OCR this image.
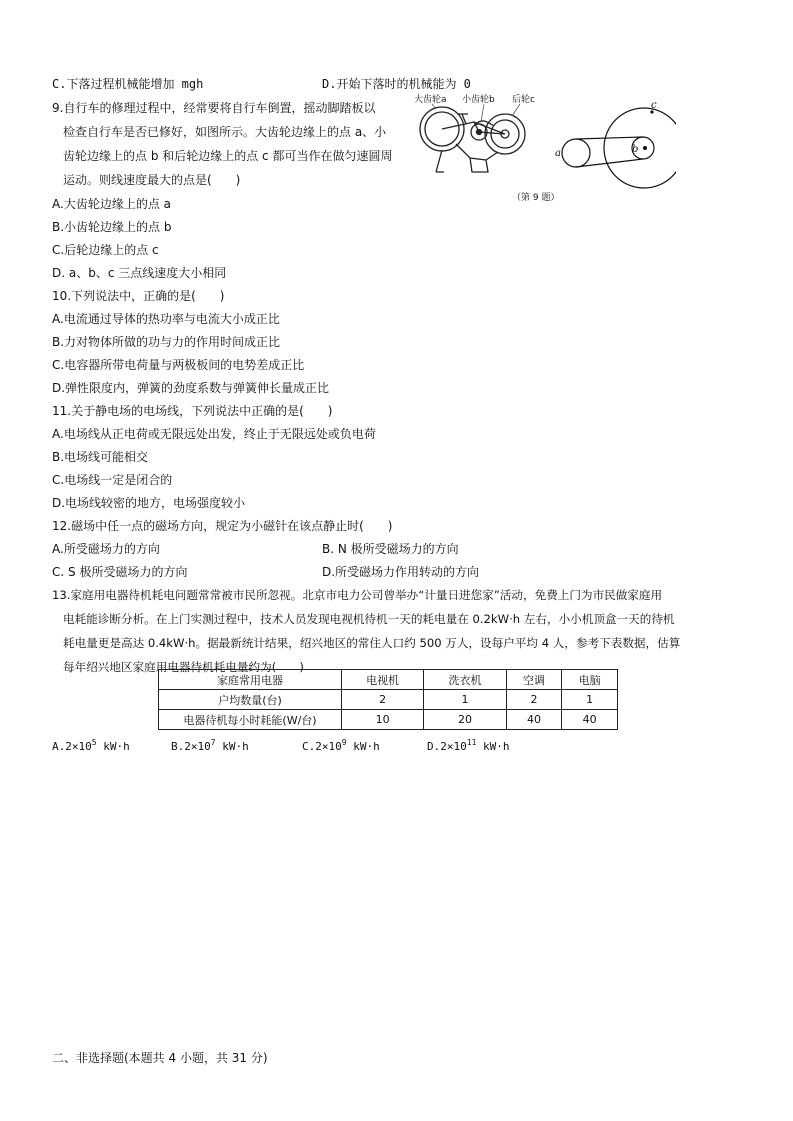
C.下落过程机械能增加 mgh	D.开始下落时的机械能为 0
9.自行车的修理过程中，经常要将自行车倒置，摇动脚踏板以
检查自行车是否已修好，如图所示。大齿轮边缘上的点 a、小
齿轮边缘上的点 b 和后轮边缘上的点 c 都可当作在做匀速圆周
运动。则线速度最大的点是(　　)
A.大齿轮边缘上的点 a
B.小齿轮边缘上的点 b
C.后轮边缘上的点 c
D. a、b、c 三点线速度大小相同
大齿轮a 小齿轮b 后轮c
a	b
c
（第 9 题）
10.下列说法中，正确的是(　　)
A.电流通过导体的热功率与电流大小成正比
B.力对物体所做的功与力的作用时间成正比
C.电容器所带电荷量与两极板间的电势差成正比
D.弹性限度内，弹簧的劲度系数与弹簧伸长量成正比
11.关于静电场的电场线，下列说法中正确的是(　　)
A.电场线从正电荷或无限远处出发，终止于无限远处或负电荷
B.电场线可能相交
C.电场线一定是闭合的
D.电场线较密的地方，电场强度较小
12.磁场中任一点的磁场方向，规定为小磁针在该点静止时(　　)
A.所受磁场力的方向	B. N 极所受磁场力的方向
C. S 极所受磁场力的方向	D.所受磁场力作用转动的方向
13.家庭用电器待机耗电问题常常被市民所忽视。北京市电力公司曾举办“计量日进您家”活动，免费上门为市民做家庭用
电耗能诊断分析。在上门实测过程中，技术人员发现电视机待机一天的耗电量在 0.2kW·h 左右，小小机顶盒一天的待机
耗电量更是高达 0.4kW·h。据最新统计结果，绍兴地区的常住人口约 500 万人，设每户平均 4 人，参考下表数据，估算
每年绍兴地区家庭用电器待机耗电量约为(　　)
家庭常用电器	电视机	洗衣机	空调	电脑
户均数量(台)	2	1	2	1
电器待机每小时耗能(W/台)	10	20	40	40
$A.2\times 10^5$ kW·h	$B.2\times 10^7$ kW·h	$C.2\times 10^9$ kW·h	$D.2\times 10^{11}$ kW·h
二、非选择题(本题共 4 小题，共 31 分)
